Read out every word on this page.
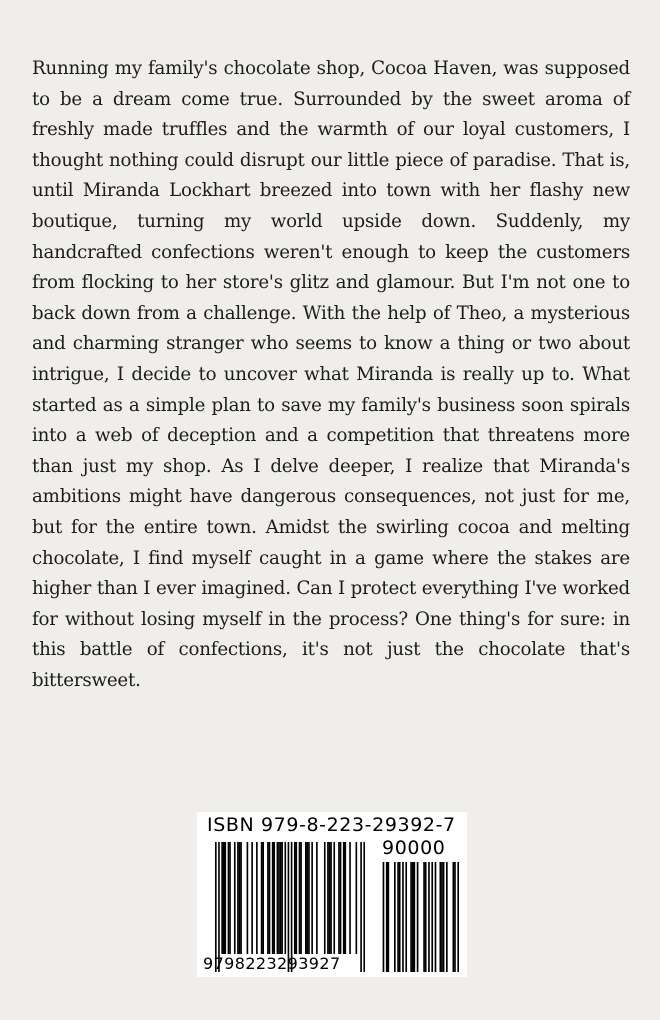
Running my family's chocolate shop, Cocoa Haven, was supposed to be a dream come true. Surrounded by the sweet aroma of freshly made truffles and the warmth of our loyal customers, I thought nothing could disrupt our little piece of paradise. That is, until Miranda Lockhart breezed into town with her flashy new boutique, turning my world upside down. Suddenly, my handcrafted confections weren't enough to keep the customers from flocking to her store's glitz and glamour. But I'm not one to back down from a challenge. With the help of Theo, a mysterious and charming stranger who seems to know a thing or two about intrigue, I decide to uncover what Miranda is really up to. What started as a simple plan to save my family's business soon spirals into a web of deception and a competition that threatens more than just my shop. As I delve deeper, I realize that Miranda's ambitions might have dangerous consequences, not just for me, but for the entire town. Amidst the swirling cocoa and melting chocolate, I find myself caught in a game where the stakes are higher than I ever imagined. Can I protect everything I've worked for without losing myself in the process? One thing's for sure: in this battle of confections, it's not just the chocolate that's bittersweet.

ISBN 979-8-223-29392-7
90000
9798223293927
